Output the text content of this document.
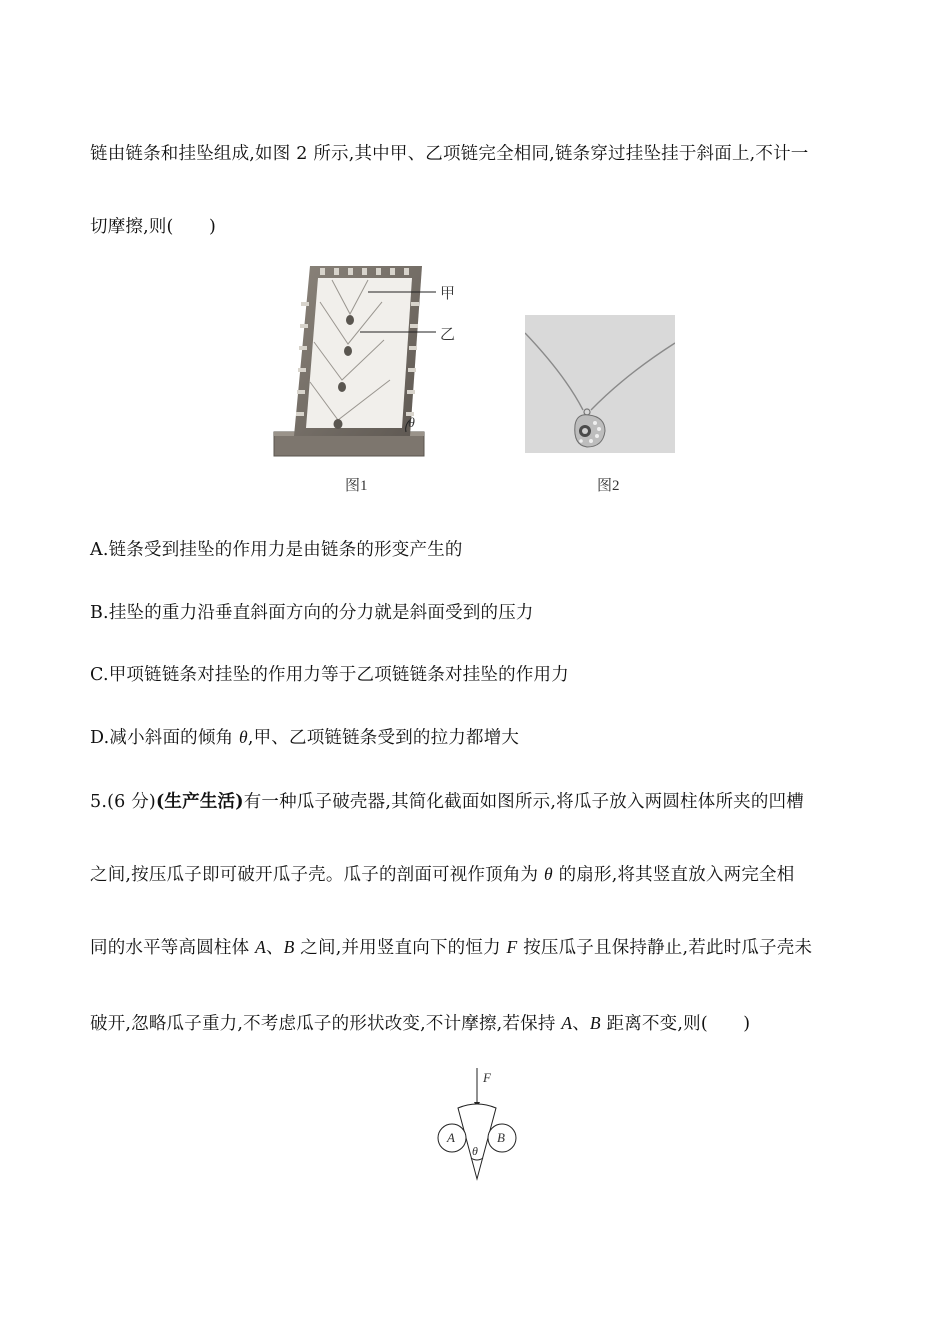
链由链条和挂坠组成,如图 2 所示,其中甲、乙项链完全相同,链条穿过挂坠挂于斜面上,不计一
切摩擦,则(　　)
甲
乙
θ
图1	图2
A.链条受到挂坠的作用力是由链条的形变产生的
B.挂坠的重力沿垂直斜面方向的分力就是斜面受到的压力
C.甲项链链条对挂坠的作用力等于乙项链链条对挂坠的作用力
D.减小斜面的倾角 θ,甲、乙项链链条受到的拉力都增大
5.(6 分)(生产生活)有一种瓜子破壳器,其简化截面如图所示,将瓜子放入两圆柱体所夹的凹槽
之间,按压瓜子即可破开瓜子壳。瓜子的剖面可视作顶角为 θ 的扇形,将其竖直放入两完全相
同的水平等高圆柱体 A、B 之间,并用竖直向下的恒力 F 按压瓜子且保持静止,若此时瓜子壳未
破开,忽略瓜子重力,不考虑瓜子的形状改变,不计摩擦,若保持 A、B 距离不变,则(　　)
F
A	B
θ
